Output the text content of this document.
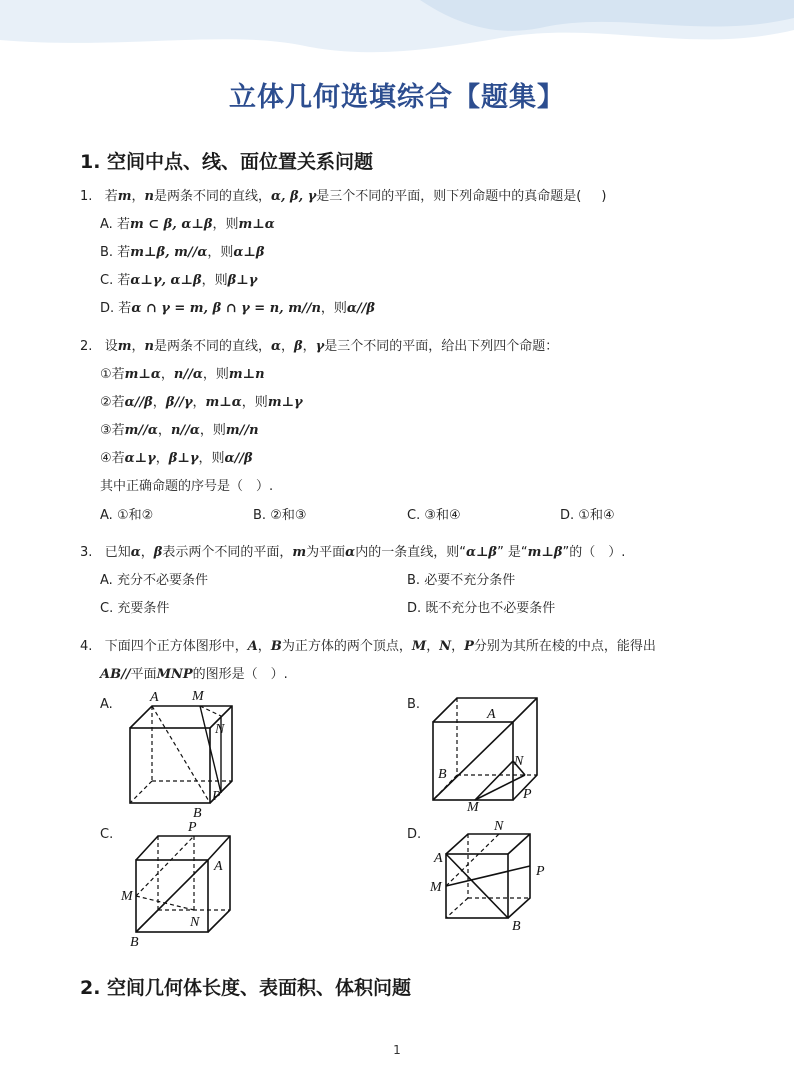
立体几何选填综合【题集】
1. 空间中点、线、面位置关系问题
1. 若m，n是两条不同的直线，α, β, γ是三个不同的平面，则下列命题中的真命题是( )
A. 若m ⊂ β, α⊥β，则m⊥α
B. 若m⊥β, m//α，则α⊥β
C. 若α⊥γ, α⊥β，则β⊥γ
D. 若α ∩ γ = m, β ∩ γ = n, m//n，则α//β
2. 设m，n是两条不同的直线，α，β，γ是三个不同的平面，给出下列四个命题：
①若m⊥α，n//α，则m⊥n
②若α//β，β//γ，m⊥α，则m⊥γ
③若m//α，n//α，则m//n
④若α⊥γ，β⊥γ，则α//β
其中正确命题的序号是（　）.
A. ①和②	B. ②和③	C. ③和④	D. ①和④
3. 已知α，β表示两个不同的平面，m为平面α内的一条直线，则“α⊥β” 是“m⊥β”的（　）.
A. 充分不必要条件	B. 必要不充分条件
C. 充要条件	D. 既不充分也不必要条件
4. 下面四个正方体图形中，A，B为正方体的两个顶点，M，N，P分别为其所在棱的中点，能得出
AB//平面MNP的图形是（　）.
A.	B.
C.	D.
A M
N
P
B
A
B
N
P
M
P
A
M
N
B
N
A
P
M
B
2. 空间几何体长度、表面积、体积问题
1
